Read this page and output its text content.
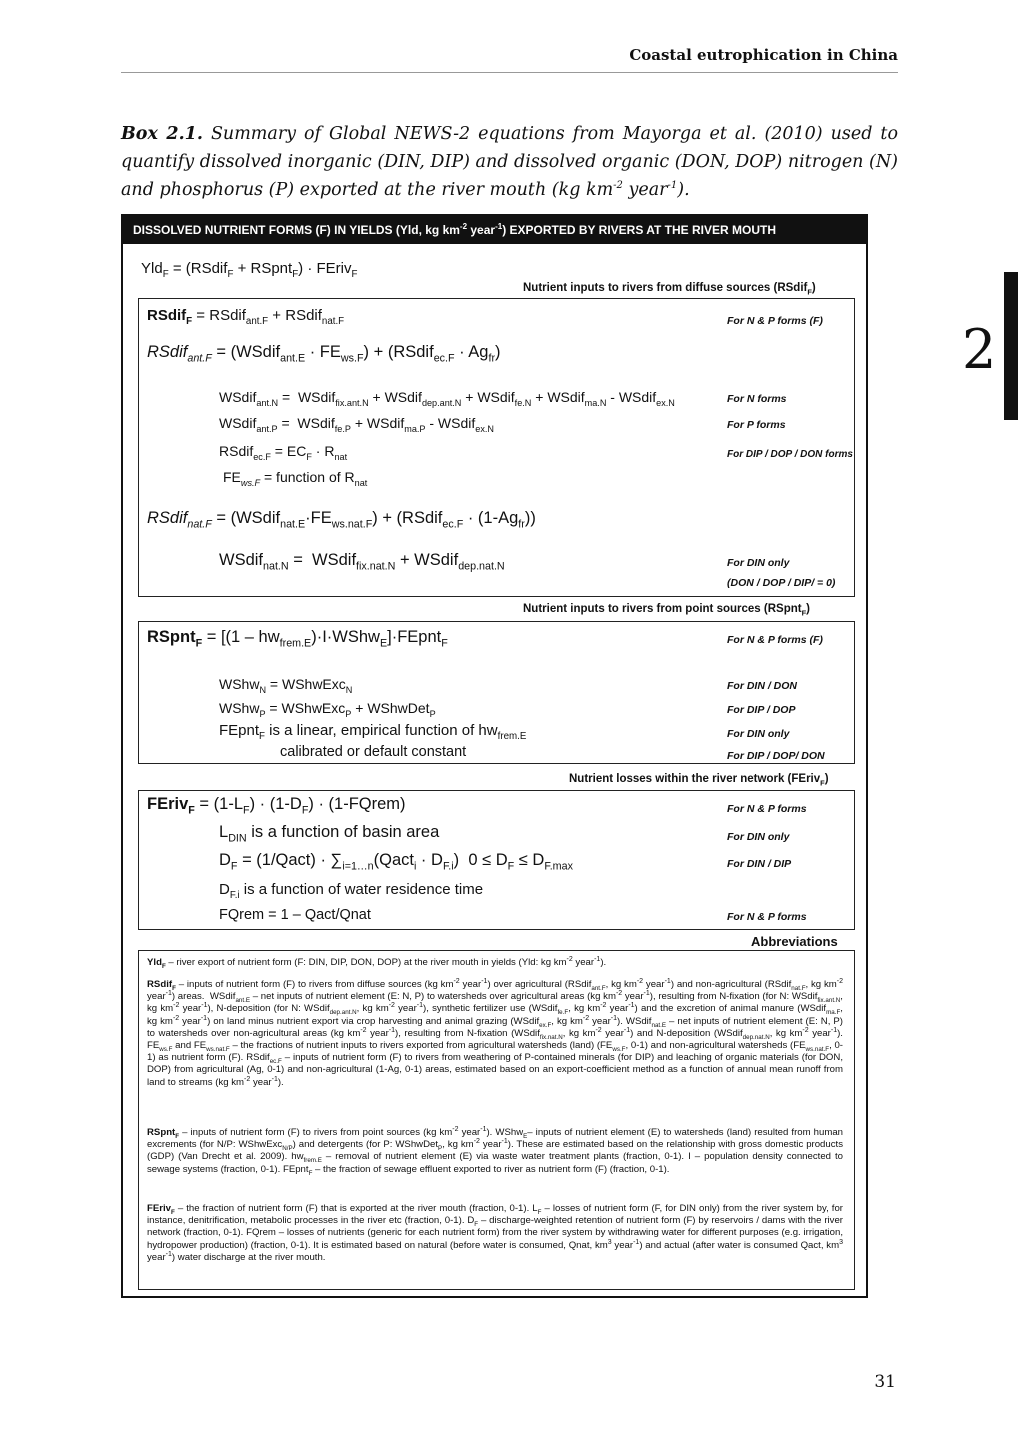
Coastal eutrophication in China
2
Box 2.1. Summary of Global NEWS-2 equations from Mayorga et al. (2010) used to quantify dissolved inorganic (DIN, DIP) and dissolved organic (DON, DOP) nitrogen (N) and phosphorus (P) exported at the river mouth (kg $km^{-2}$ year$^{-1}$).
DISSOLVED NUTRIENT FORMS (F) IN YIELDS (Yld, kg $km^{-2}$ year$^{-1}$) EXPORTED BY RIVERS AT THE RIVER MOUTH
Yld$_F$ = (RSdif$_F$ + RSpnt$_F$) · FEriv$_F$
Nutrient inputs to rivers from diffuse sources (RSdif$_F$)
RSdif$_F$ = RSdif$_{ant.F}$ + RSdif$_{nat.F}$	For N & P forms (F)
RSdif$_{ant.F}$ = (WSdif$_{ant.E}$ · $FE_{ws.F}$) + (RSdif$_{ec.F}$ · $Ag_{fr}$)
WSdif$_{ant.N}$ =  WSdif$_{fix.ant.N}$ + WSdif$_{dep.ant.N}$ + WSdif$_{fe.N}$ + WSdif$_{ma.N}$ - WSdif$_{ex.N}$	For N forms
WSdif$_{ant.P}$ =  WSdif$_{fe.P}$ + WSdif$_{ma.P}$ - WSdif$_{ex.N}$	For P forms
RSdif$_{ec.F}$ = $EC_F \cdot R_{nat}$	For DIP / DOP / DON forms
$FE_{ws.F}$ = function of $R_{nat}$
RSdif$_{nat.F}$ = $(WSdif_{nat.E}\cdot FE_{ws.nat.F})$ + (RSdif$_{ec.F}$ · $(1-Ag_{fr})$)
WSdif$_{nat.N}$ =  WSdif$_{fix.nat.N}$ + WSdif$_{dep.nat.N}$	For DIN only
(DON / DOP / DIP/ = 0)
Nutrient inputs to rivers from point sources (RSpnt$_F$)
RSpnt$_F$ = $[(1 - hw_{frem.E})\cdot I\cdot WShw_E]\cdot FEpnt_F$	For N & P forms (F)
WShw$_N$ = WShwExc$_N$	For DIN / DON
WShw$_P$ = WShwExc$_P$ + WShwDet$_P$	For DIP / DOP
FEpnt$_F$ is a linear, empirical function of $hw_{frem.E}$	For DIN only
calibrated or default constant	For DIP / DOP/ DON
Nutrient losses within the river network (FEriv$_F$)
FEriv$_F$ = $(1-L_F) \cdot (1-D_F)$ · (1-FQrem)	For N & P forms
$L_{DIN}$ is a function of basin area	For DIN only
$D_F$ = (1/Qact) · $\sum_{i=1\dots n}(Qact_i \cdot D_{F.i}) 0 \le D_F \le D_{F.max}$	For DIN / DIP
$D_{F.i}$ is a function of water residence time
FQrem = 1 – Qact/Qnat	For N & P forms
Abbreviations
Yld$_F$ – river export of nutrient form (F: DIN, DIP, DON, DOP) at the river mouth in yields (Yld: kg $km^{-2}$ year$^{-1}$).
RSdif$_F$ – inputs of nutrient form (F) to rivers from diffuse sources (kg $km^{-2}$ year$^{-1}$) over agricultural (RSdif$_{ant.F}$, kg $km^{-2}$ year$^{-1}$) and non-agricultural (RSdif$_{nat.F}$, kg $km^{-2}$ year$^{-1}$) areas.  WSdif$_{ant.E}$ – net inputs of nutrient element (E: N, P) to watersheds over agricultural areas (kg $km^{-2}$ year$^{-1}$), resulting from N-fixation (for N: WSdif$_{fix.ant.N}$, kg $km^{-2}$ year$^{-1}$), N-deposition (for N: WSdif$_{dep.ant.N}$, kg $km^{-2}$ year$^{-1}$), synthetic fertilizer use (WSdif$_{fe.F}$, kg $km^{-2}$ year$^{-1}$) and the excretion of animal manure (WSdif$_{ma.F}$, kg $km^{-2}$ year$^{-1}$) on land minus nutrient export via crop harvesting and animal grazing (WSdif$_{ex.F}$, kg $km^{-2}$ year$^{-1}$). WSdif$_{nat.E}$ – net inputs of nutrient element (E: N, P) to watersheds over non-agricultural areas (kg $km^{-2}$ year$^{-1}$), resulting from N-fixation (WSdif$_{fix.nat.N}$, kg $km^{-2}$ year$^{-1}$) and N-deposition (WSdif$_{dep.nat.N}$, kg $km^{-2}$ year$^{-1}$). $FE_{ws.F}$ and $FE_{ws.nat.F}$ – the fractions of nutrient inputs to rivers exported from agricultural watersheds (land) ($FE_{ws.F}$, 0-1) and non-agricultural watersheds ($FE_{ws.nat.F}$, 0-1) as nutrient form (F). RSdif$_{ec.F}$ – inputs of nutrient form (F) to rivers from weathering of P-contained minerals (for DIP) and leaching of organic materials (for DON, DOP) from agricultural (Ag, 0-1) and non-agricultural (1-Ag, 0-1) areas, estimated based on an export-coefficient method as a function of annual mean runoff from land to streams (kg $km^{-2}$ year$^{-1}$).
RSpnt$_F$ – inputs of nutrient form (F) to rivers from point sources (kg $km^{-2}$ year$^{-1}$). WShw$_E$– inputs of nutrient element (E) to watersheds (land) resulted from human excrements (for N/P: WShwExc$_{N/P}$) and detergents (for P: WShwDet$_P$, kg $km^{-2}$ year$^{-1}$). These are estimated based on the relationship with gross domestic products (GDP) (Van Drecht et al. 2009). $hw_{frem.E}$ – removal of nutrient element (E) via waste water treatment plants (fraction, 0-1). I – population density connected to sewage systems (fraction, 0-1). FEpnt$_F$ – the fraction of sewage effluent exported to river as nutrient form (F) (fraction, 0-1).
FEriv$_F$ – the fraction of nutrient form (F) that is exported at the river mouth (fraction, 0-1). $L_F$ – losses of nutrient form (F, for DIN only) from the river system by, for instance, denitrification, metabolic processes in the river etc (fraction, 0-1). $D_F$ – discharge-weighted retention of nutrient form (F) by reservoirs / dams with the river network (fraction, 0-1). FQrem – losses of nutrients (generic for each nutrient form) from the river system by withdrawing water for different purposes (e.g. irrigation, hydropower production) (fraction, 0-1). It is estimated based on natural (before water is consumed, Qnat, $km^3$ year$^{-1}$) and actual (after water is consumed Qact, $km^3$ year$^{-1}$) water discharge at the river mouth.
31
